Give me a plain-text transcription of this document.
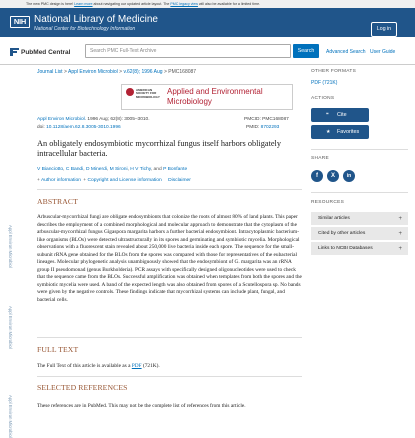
The new PMC design is here! Learn more about navigating our updated article layout. The PMC legacy view will also be available for a limited time.
NIH National Library of Medicine
National Center for Biotechnology Information	Log in
PubMed Central	Search PMC Full-Text Archive	Search	Advanced Search User Guide
Appl Environ Microbiol
Appl Environ Microbiol
Appl Environ Microbiol
Journal List > Appl Environ Microbiol > v.62(8); 1996 Aug > PMC168087
AMERICAN SOCIETY FOR MICROBIOLOGY
Applied and Environmental Microbiology
Appl Environ Microbiol. 1996 Aug; 62(8): 3005–3010.
doi: 10.1128/aem.62.8.3005-3010.1996
PMCID: PMC168087
PMID: 8702293
An obligately endosymbiotic mycorrhizal fungus itself harbors obligately intracellular bacteria.
V Bianciotto, C Bandi, D Minerdi, M Sironi, H V Tichy, and P Bonfante
+ Author information + Copyright and License information Disclaimer
ABSTRACT
Arbuscular-mycorrhizal fungi are obligate endosymbionts that colonize the roots of almost 80% of land plants. This paper describes the employment of a combined morphological and molecular approach to demonstrate that the cytoplasm of the arbuscular-mycorrhizal fungus Gigaspora margarita harbors a further bacterial endosymbiont. Intracytoplasmic bacterium-like organisms (BLOs) were detected ultrastructurally in its spores and germinating and symbiotic mycelia. Morphological observations with a fluorescent stain revealed about 250,000 live bacteria inside each spore. The sequence for the small-subunit rRNA gene obtained for the BLOs from the spores was compared with those for representatives of the eubacterial lineages. Molecular phylogenetic analysis unambiguously showed that the endosymbiont of G. margarita was an rRNA group II pseudomonad (genus Burkholderia). PCR assays with specifically designed oligonucleotides were used to check that the sequence came from the BLOs. Successful amplification was obtained when templates from both the spores and the symbiotic mycelia were used. A band of the expected length was also obtained from spores of a Scutellospora sp. No bands were given by the negative controls. These findings indicate that mycorrhizal systems can include plant, fungal, and bacterial cells.
FULL TEXT
The Full Text of this article is available as a PDF (721K).
SELECTED REFERENCES
These references are in PubMed. This may not be the complete list of references from this article.
OTHER FORMATS
PDF (721K)
ACTIONS
❝ Cite
★ Favorites
SHARE
f	X	in
RESOURCES
Similar articles	+
Cited by other articles	+
Links to NCBI Databases	+
